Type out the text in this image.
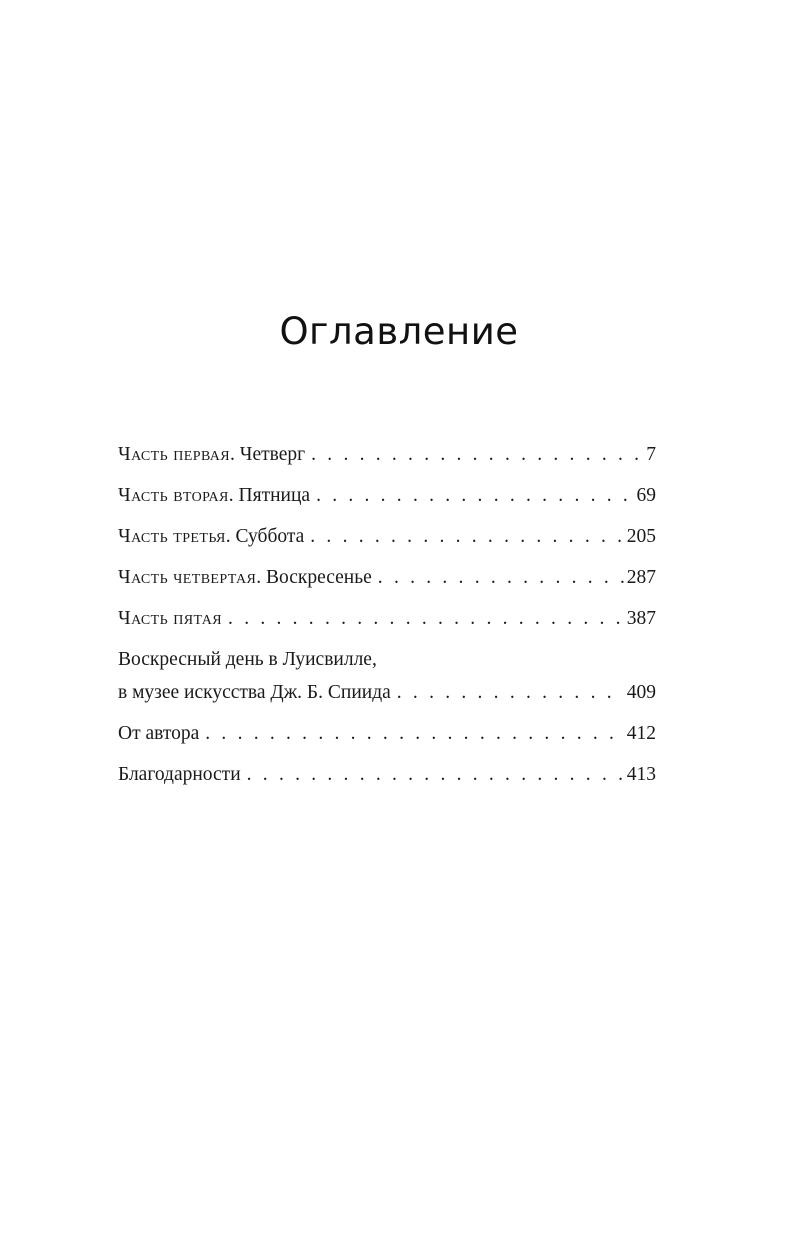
Оглавление
Часть первая. Четверг . . .	7
Часть вторая. Пятница . . .	69
Часть третья. Суббота . . .	205
Часть четвертая. Воскресенье . . .	287
Часть пятая . . .	387
Воскресный день в Луисвилле,
в музее искусства Дж. Б. Спиида . . .	409
От автора . . .	412
Благодарности . . .	413
